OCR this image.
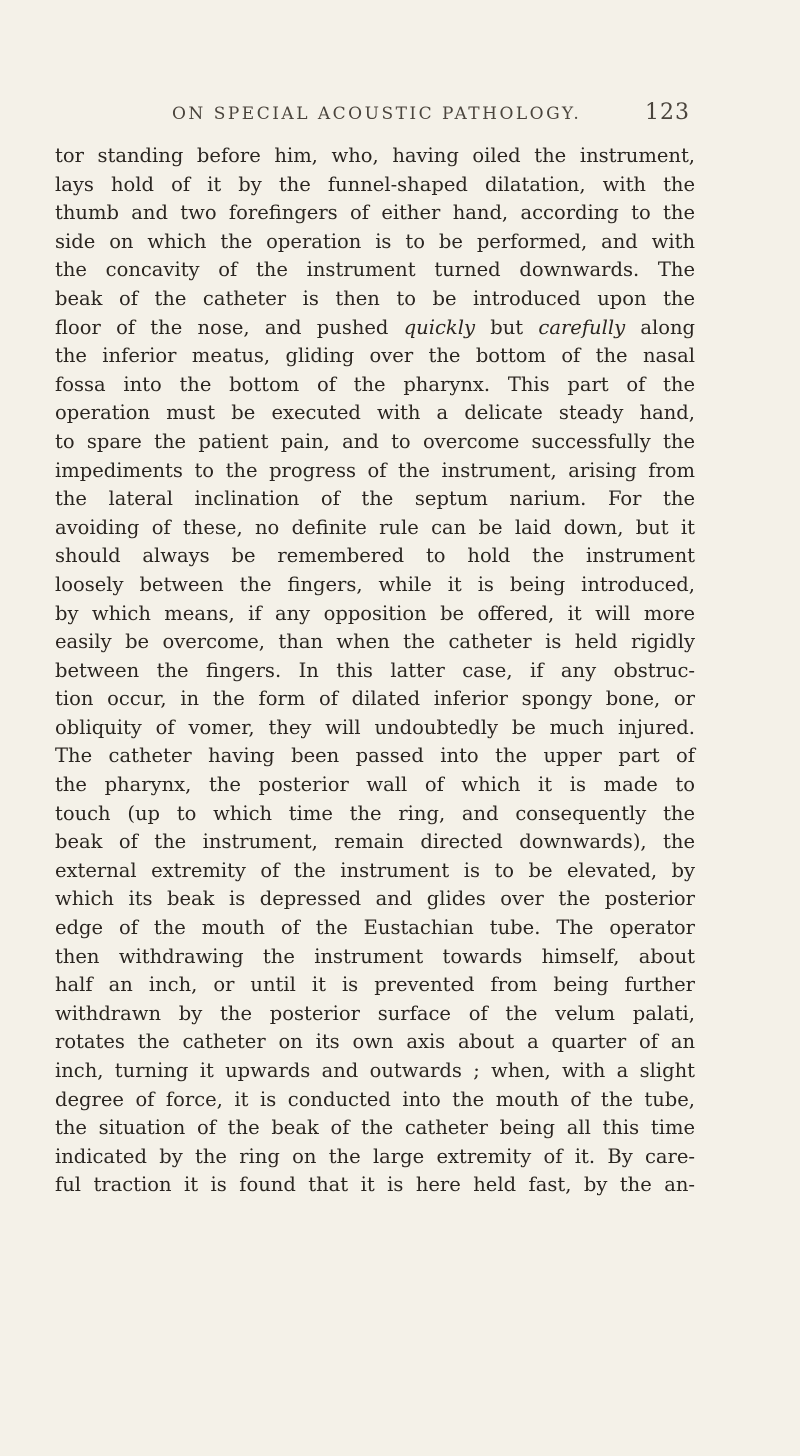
ON SPECIAL ACOUSTIC PATHOLOGY.	123
tor standing before him, who, having oiled the instrument,
lays hold of it by the funnel-shaped dilatation, with the
thumb and two forefingers of either hand, according to the
side on which the operation is to be performed, and with
the concavity of the instrument turned downwards. The
beak of the catheter is then to be introduced upon the
floor of the nose, and pushed quickly but carefully along
the inferior meatus, gliding over the bottom of the nasal
fossa into the bottom of the pharynx. This part of the
operation must be executed with a delicate steady hand,
to spare the patient pain, and to overcome successfully the
impediments to the progress of the instrument, arising from
the lateral inclination of the septum narium. For the
avoiding of these, no definite rule can be laid down, but it
should always be remembered to hold the instrument
loosely between the fingers, while it is being introduced,
by which means, if any opposition be offered, it will more
easily be overcome, than when the catheter is held rigidly
between the fingers. In this latter case, if any obstruc-
tion occur, in the form of dilated inferior spongy bone, or
obliquity of vomer, they will undoubtedly be much injured.
The catheter having been passed into the upper part of
the pharynx, the posterior wall of which it is made to
touch (up to which time the ring, and consequently the
beak of the instrument, remain directed downwards), the
external extremity of the instrument is to be elevated, by
which its beak is depressed and glides over the posterior
edge of the mouth of the Eustachian tube. The operator
then withdrawing the instrument towards himself, about
half an inch, or until it is prevented from being further
withdrawn by the posterior surface of the velum palati,
rotates the catheter on its own axis about a quarter of an
inch, turning it upwards and outwards ; when, with a slight
degree of force, it is conducted into the mouth of the tube,
the situation of the beak of the catheter being all this time
indicated by the ring on the large extremity of it. By care-
ful traction it is found that it is here held fast, by the an-
